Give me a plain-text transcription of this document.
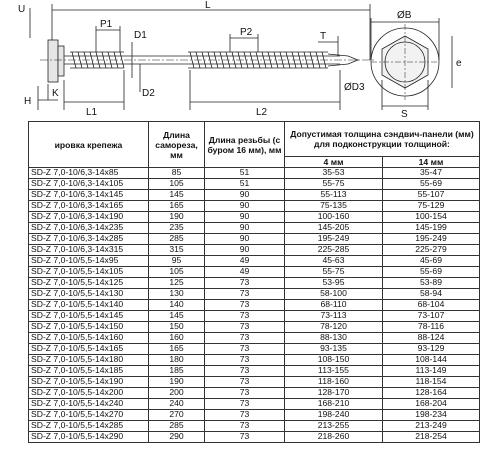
U	L
P1
D1	P2	T
ØB
e
S
H
K
L1
D2
L2
ØD3
ировка крепежа	Длина самореза, мм	Длина резьбы (с буром 16 мм), мм	Допустимая толщина сэндвич-панели (мм) для подконструкции толщиной:	
			4 мм	14 мм
SD-Z 7,0-10/6,3-14x85	85	51	35-53	35-47
SD-Z 7,0-10/6,3-14x105	105	51	55-75	55-69
SD-Z 7,0-10/6,3-14x145	145	90	55-113	55-107
SD-Z 7,0-10/6,3-14x165	165	90	75-135	75-129
SD-Z 7,0-10/6,3-14x190	190	90	100-160	100-154
SD-Z 7,0-10/6,3-14x235	235	90	145-205	145-199
SD-Z 7,0-10/6,3-14x285	285	90	195-249	195-249
SD-Z 7,0-10/6,3-14x315	315	90	225-285	225-279
SD-Z 7,0-10/5,5-14x95	95	49	45-63	45-69
SD-Z 7,0-10/5,5-14x105	105	49	55-75	55-69
SD-Z 7,0-10/5,5-14x125	125	73	53-95	53-89
SD-Z 7,0-10/5,5-14x130	130	73	58-100	58-94
SD-Z 7,0-10/5,5-14x140	140	73	68-110	68-104
SD-Z 7,0-10/5,5-14x145	145	73	73-113	73-107
SD-Z 7,0-10/5,5-14x150	150	73	78-120	78-116
SD-Z 7,0-10/5,5-14x160	160	73	88-130	88-124
SD-Z 7,0-10/5,5-14x165	165	73	93-135	93-129
SD-Z 7,0-10/5,5-14x180	180	73	108-150	108-144
SD-Z 7,0-10/5,5-14x185	185	73	113-155	113-149
SD-Z 7,0-10/5,5-14x190	190	73	118-160	118-154
SD-Z 7,0-10/5,5-14x200	200	73	128-170	128-164
SD-Z 7,0-10/5,5-14x240	240	73	168-210	168-204
SD-Z 7,0-10/5,5-14x270	270	73	198-240	198-234
SD-Z 7,0-10/5,5-14x285	285	73	213-255	213-249
SD-Z 7,0-10/5,5-14x290	290	73	218-260	218-254
